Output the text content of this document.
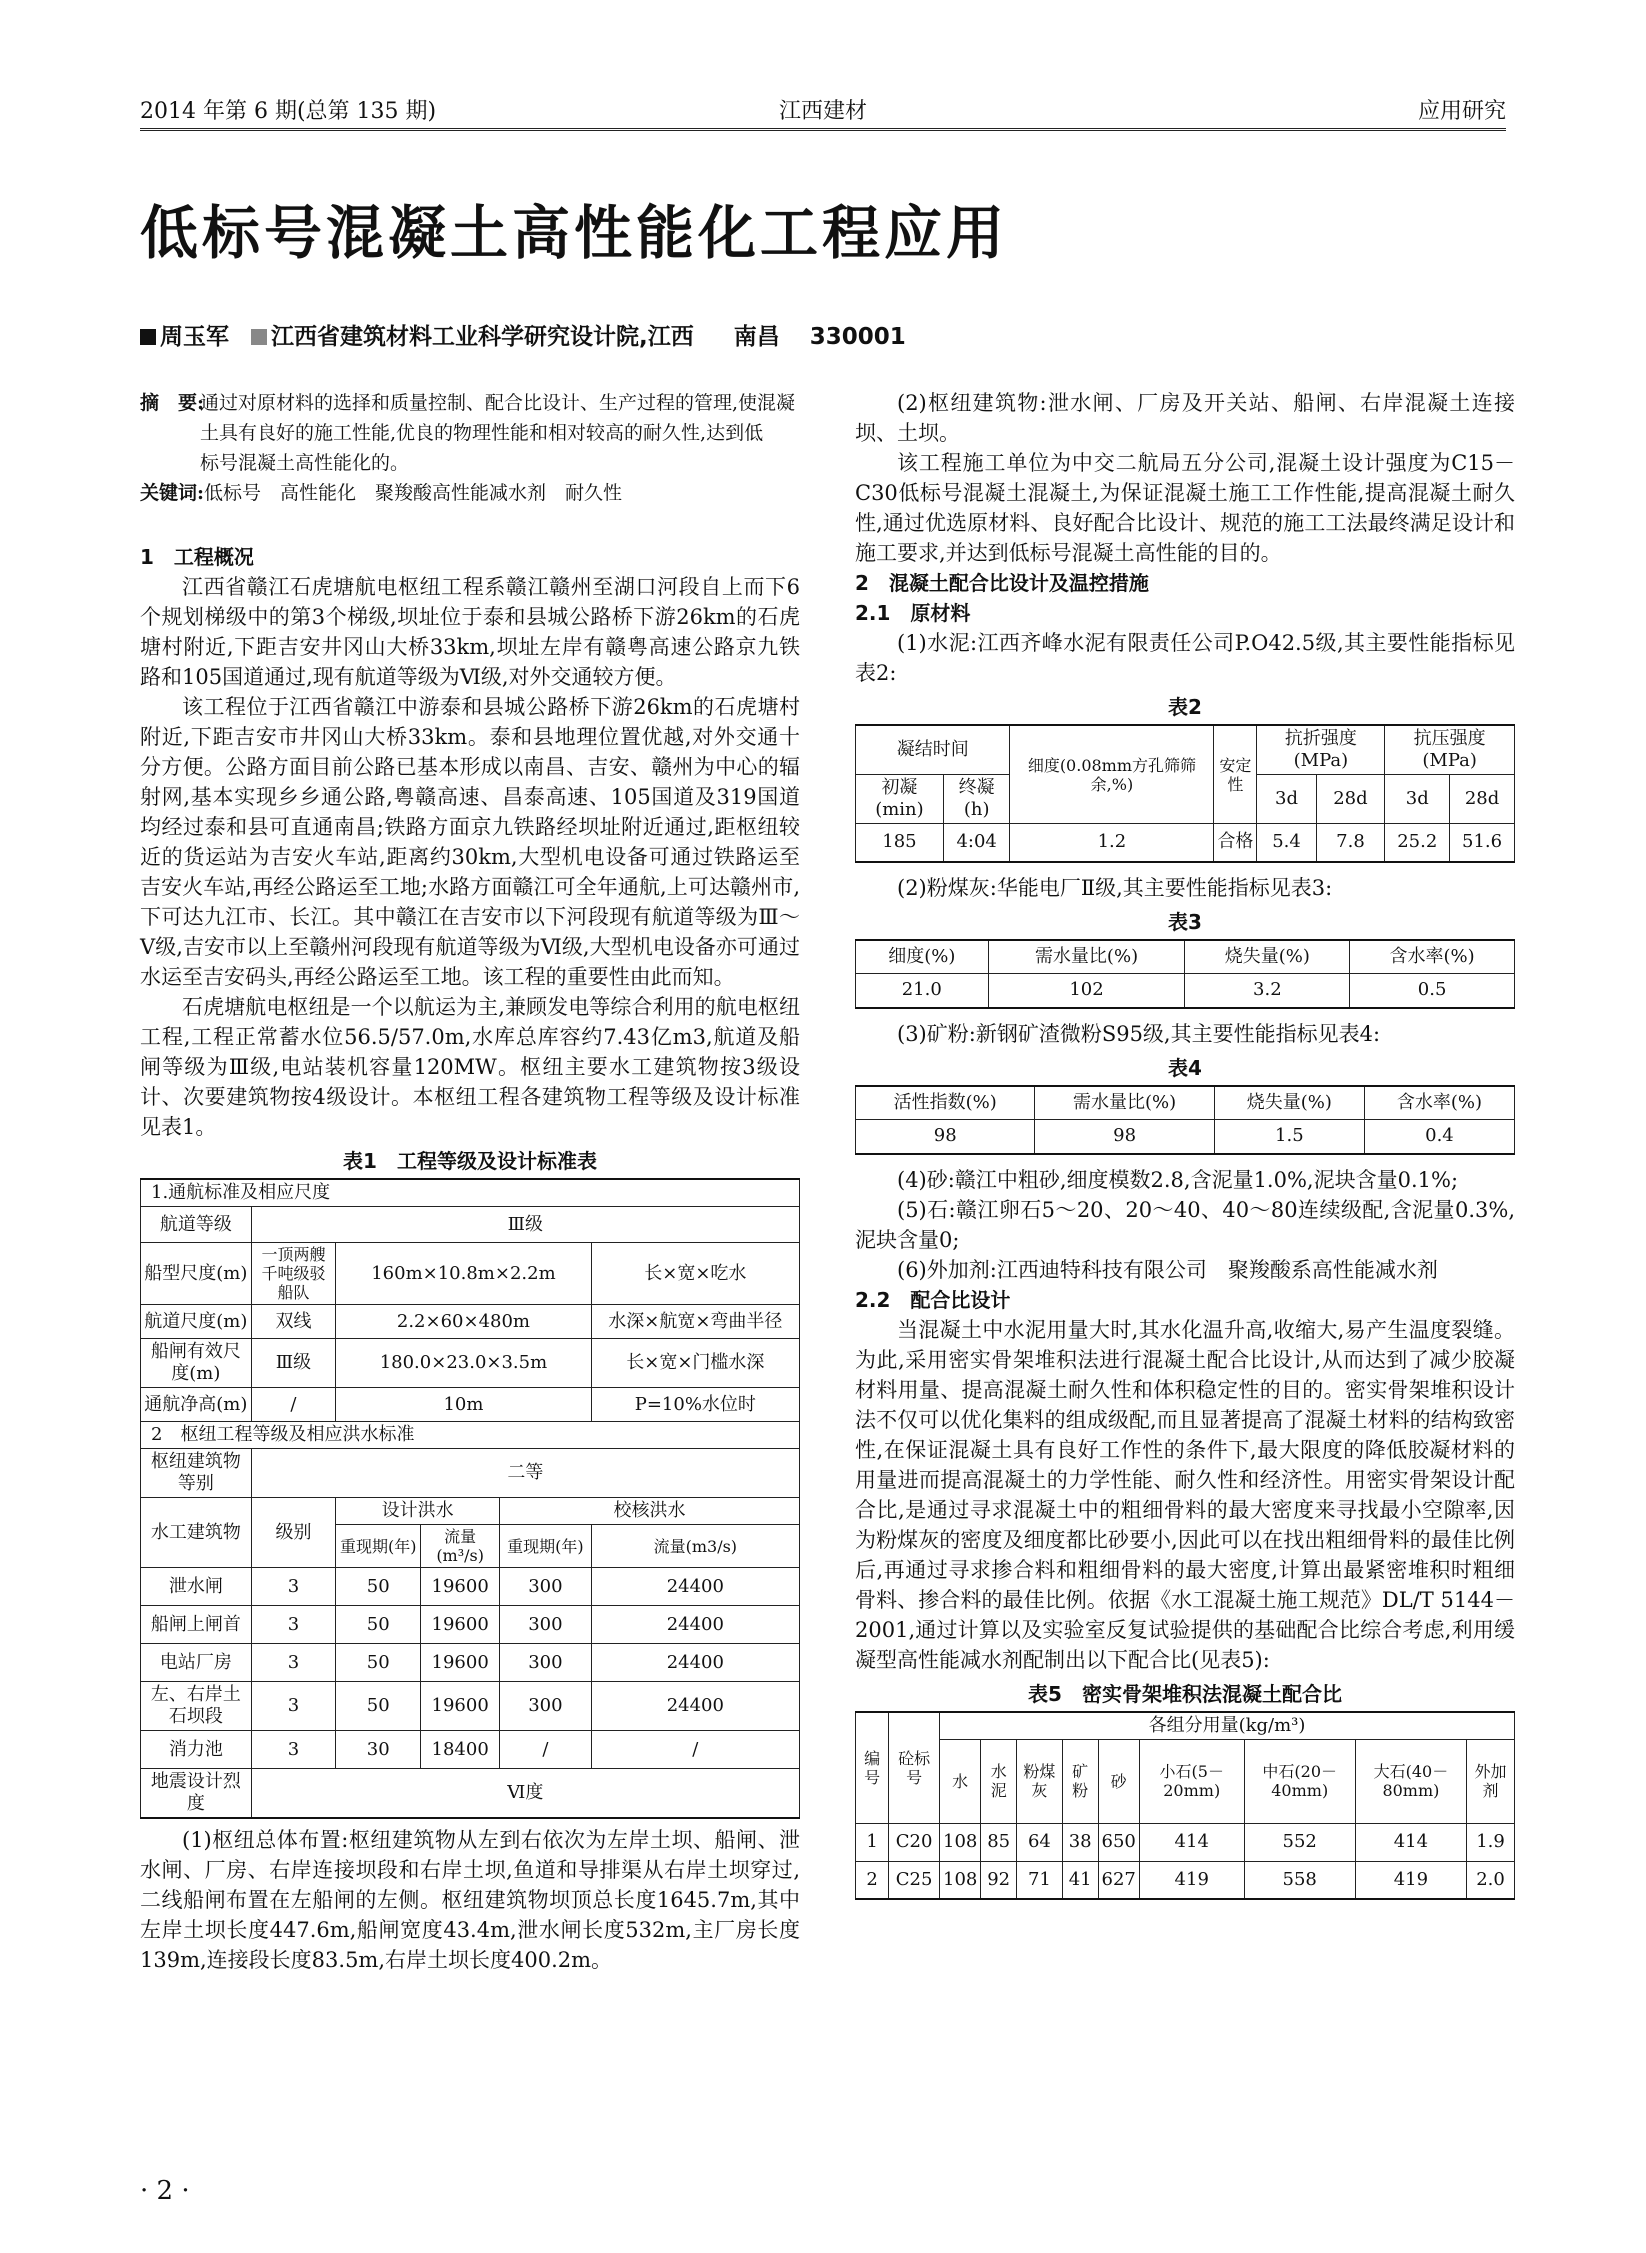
2014 年第 6 期(总第 135 期)	江西建材	应用研究
低标号混凝土高性能化工程应用
周玉军 江西省建筑材料工业科学研究设计院,江西 南昌 330001
摘　要:
通过对原材料的选择和质量控制、配合比设计、生产过程的管理,使混凝
土具有良好的施工性能,优良的物理性能和相对较高的耐久性,达到低
标号混凝土高性能化的。
关键词:低标号　高性能化　聚羧酸高性能减水剂　耐久性
1　工程概况

江西省赣江石虎塘航电枢纽工程系赣江赣州至湖口河段自上而下6个规划梯级中的第3个梯级,坝址位于泰和县城公路桥下游26km的石虎塘村附近,下距吉安井冈山大桥33km,坝址左岸有赣粤高速公路京九铁路和105国道通过,现有航道等级为Ⅵ级,对外交通较方便。

该工程位于江西省赣江中游泰和县城公路桥下游26km的石虎塘村附近,下距吉安市井冈山大桥33km。泰和县地理位置优越,对外交通十分方便。公路方面目前公路已基本形成以南昌、吉安、赣州为中心的辐射网,基本实现乡乡通公路,粤赣高速、昌泰高速、105国道及319国道均经过泰和县可直通南昌;铁路方面京九铁路经坝址附近通过,距枢纽较近的货运站为吉安火车站,距离约30km,大型机电设备可通过铁路运至吉安火车站,再经公路运至工地;水路方面赣江可全年通航,上可达赣州市,下可达九江市、长江。其中赣江在吉安市以下河段现有航道等级为Ⅲ～Ⅴ级,吉安市以上至赣州河段现有航道等级为Ⅵ级,大型机电设备亦可通过水运至吉安码头,再经公路运至工地。该工程的重要性由此而知。

石虎塘航电枢纽是一个以航运为主,兼顾发电等综合利用的航电枢纽工程,工程正常蓄水位56.5/57.0m,水库总库容约7.43亿m3,航道及船闸等级为Ⅲ级,电站装机容量120MW。枢纽主要水工建筑物按3级设计、次要建筑物按4级设计。本枢纽工程各建筑物工程等级及设计标准见表1。

表1　工程等级及设计标准表
1.通航标准及相应尺度					
航道等级	Ⅲ级				
船型尺度(m)	一顶两艘千吨级驳船队	160m×10.8m×2.2m			长×宽×吃水
航道尺度(m)	双线	2.2×60×480m			水深×航宽×弯曲半径
船闸有效尺度(m)	Ⅲ级	180.0×23.0×3.5m			长×宽×门槛水深
通航净高(m)	/	10m			P=10%水位时
2　枢纽工程等级及相应洪水标准					
枢纽建筑物等别	二等				
水工建筑物	级别	设计洪水		校核洪水	
		重现期(年)	流量(m³/s)	重现期(年)	流量(m3/s)
泄水闸	3	50	19600	300	24400
船闸上闸首	3	50	19600	300	24400
电站厂房	3	50	19600	300	24400
左、右岸土石坝段	3	50	19600	300	24400
消力池	3	30	18400	/	/
地震设计烈度	Ⅵ度				

(1)枢纽总体布置:枢纽建筑物从左到右依次为左岸土坝、船闸、泄水闸、厂房、右岸连接坝段和右岸土坝,鱼道和导排渠从右岸土坝穿过,二线船闸布置在左船闸的左侧。枢纽建筑物坝顶总长度1645.7m,其中左岸土坝长度447.6m,船闸宽度43.4m,泄水闸长度532m,主厂房长度139m,连接段长度83.5m,右岸土坝长度400.2m。

(2)枢纽建筑物:泄水闸、厂房及开关站、船闸、右岸混凝土连接坝、土坝。

该工程施工单位为中交二航局五分公司,混凝土设计强度为C15－C30低标号混凝土混凝土,为保证混凝土施工工作性能,提高混凝土耐久性,通过优选原材料、良好配合比设计、规范的施工工法最终满足设计和施工要求,并达到低标号混凝土高性能的目的。

2　混凝土配合比设计及温控措施
2.1　原材料

(1)水泥:江西齐峰水泥有限责任公司P.O42.5级,其主要性能指标见表2:

表2
凝结时间		细度(0.08mm方孔筛筛余,%)	安定性	抗折强度(MPa)		抗压强度(MPa)	
初凝(min)	终凝(h)			3d	28d	3d	28d
185	4:04	1.2	合格	5.4	7.8	25.2	51.6

(2)粉煤灰:华能电厂Ⅱ级,其主要性能指标见表3:

表3
细度(%)	需水量比(%)	烧失量(%)	含水率(%)
21.0	102	3.2	0.5

(3)矿粉:新钢矿渣微粉S95级,其主要性能指标见表4:

表4
活性指数(%)	需水量比(%)	烧失量(%)	含水率(%)
98	98	1.5	0.4

(4)砂:赣江中粗砂,细度模数2.8,含泥量1.0%,泥块含量0.1%;

(5)石:赣江卵石5～20、20～40、40～80连续级配,含泥量0.3%,泥块含量0;

(6)外加剂:江西迪特科技有限公司　聚羧酸系高性能减水剂

2.2　配合比设计

当混凝土中水泥用量大时,其水化温升高,收缩大,易产生温度裂缝。为此,采用密实骨架堆积法进行混凝土配合比设计,从而达到了减少胶凝材料用量、提高混凝土耐久性和体积稳定性的目的。密实骨架堆积设计法不仅可以优化集料的组成级配,而且显著提高了混凝土材料的结构致密性,在保证混凝土具有良好工作性的条件下,最大限度的降低胶凝材料的用量进而提高混凝土的力学性能、耐久性和经济性。用密实骨架设计配合比,是通过寻求混凝土中的粗细骨料的最大密度来寻找最小空隙率,因为粉煤灰的密度及细度都比砂要小,因此可以在找出粗细骨料的最佳比例后,再通过寻求掺合料和粗细骨料的最大密度,计算出最紧密堆积时粗细骨料、掺合料的最佳比例。依据《水工混凝土施工规范》DL/T 5144－2001,通过计算以及实验室反复试验提供的基础配合比综合考虑,利用缓凝型高性能减水剂配制出以下配合比(见表5):

表5　密实骨架堆积法混凝土配合比
编号	砼标号	各组分用量(kg/m³)								
		水	水泥	粉煤灰	矿粉	砂	小石(5－20mm)	中石(20－40mm)	大石(40－80mm)	外加剂
1	C20	108	85	64	38	650	414	552	414	1.9
2	C25	108	92	71	41	627	419	558	419	2.0
· 2 ·
